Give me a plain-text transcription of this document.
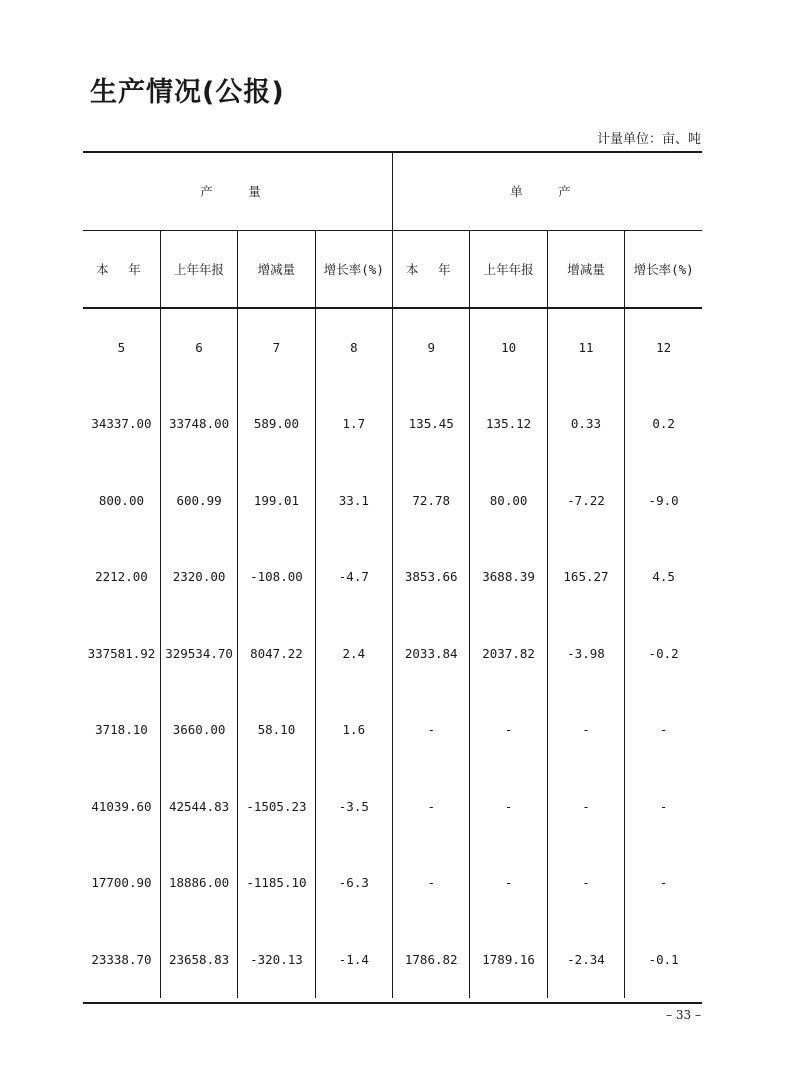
生产情况(公报)
计量单位：亩、吨
产 量				单 产			
本 年	上年年报	增减量	增长率(%)	本 年	上年年报	增减量	增长率(%)
5	6	7	8	9	10	11	12
34337.00	33748.00	589.00	1.7	135.45	135.12	0.33	0.2
800.00	600.99	199.01	33.1	72.78	80.00	-7.22	-9.0
2212.00	2320.00	-108.00	-4.7	3853.66	3688.39	165.27	4.5
337581.92	329534.70	8047.22	2.4	2033.84	2037.82	-3.98	-0.2
3718.10	3660.00	58.10	1.6	-	-	-	-
41039.60	42544.83	-1505.23	-3.5	-	-	-	-
17700.90	18886.00	-1185.10	-6.3	-	-	-	-
23338.70	23658.83	-320.13	-1.4	1786.82	1789.16	-2.34	-0.1
– 33 –
